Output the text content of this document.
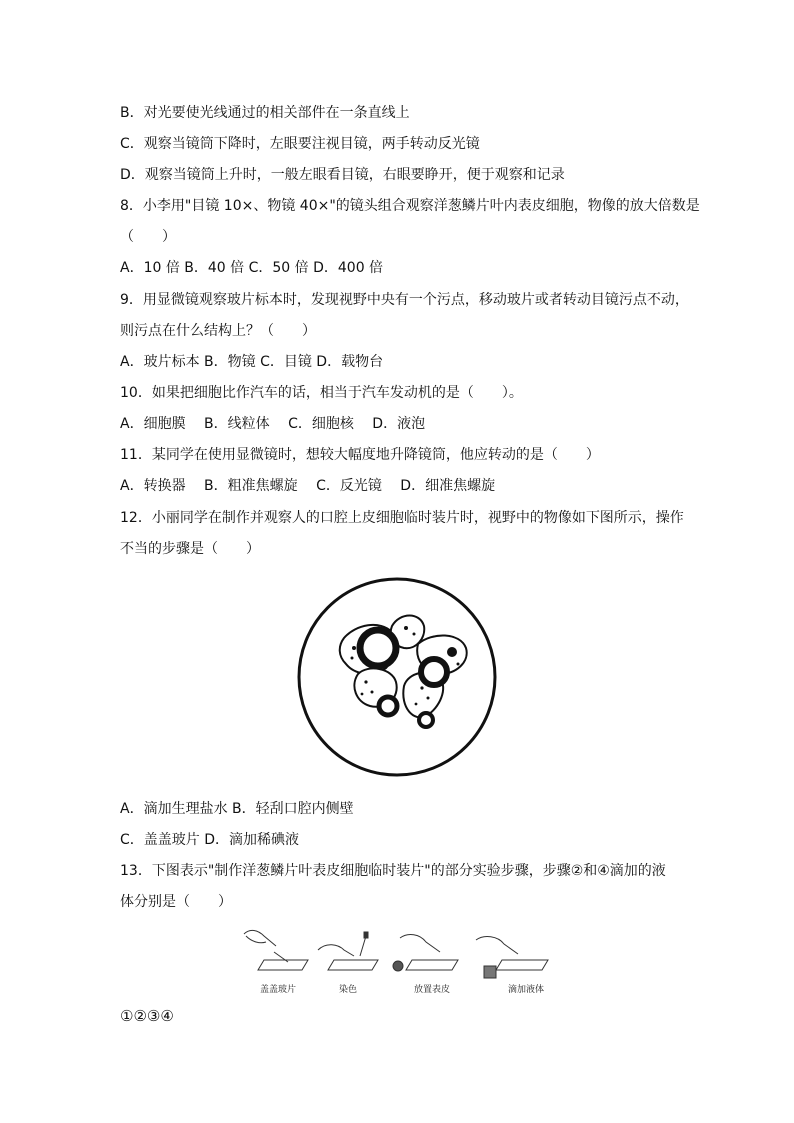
B．对光要使光线通过的相关部件在一条直线上
C．观察当镜筒下降时，左眼要注视目镜，两手转动反光镜
D．观察当镜筒上升时，一般左眼看目镜，右眼要睁开，便于观察和记录
8．小李用"目镜 10×、物镜 40×"的镜头组合观察洋葱鳞片叶内表皮细胞，物像的放大倍数是
（　　）
A．10 倍 B．40 倍 C．50 倍 D．400 倍
9．用显微镜观察玻片标本时，发现视野中央有一个污点，移动玻片或者转动目镜污点不动，
则污点在什么结构上？（　　）
A．玻片标本 B．物镜 C．目镜 D．载物台
10．如果把细胞比作汽车的话，相当于汽车发动机的是（　　）。
A．细胞膜　 B．线粒体　 C．细胞核　 D．液泡
11．某同学在使用显微镜时，想较大幅度地升降镜筒，他应转动的是（　　）
A．转换器　 B．粗准焦螺旋　 C．反光镜　 D．细准焦螺旋
12．小丽同学在制作并观察人的口腔上皮细胞临时装片时，视野中的物像如下图所示，操作
不当的步骤是（　　）
A．滴加生理盐水 B．轻刮口腔内侧壁
C．盖盖玻片 D．滴加稀碘液
13．下图表示"制作洋葱鳞片叶表皮细胞临时装片"的部分实验步骤，步骤②和④滴加的液
体分别是（　　）
盖盖玻片	染色	放置表皮	滴加液体
①②③④
